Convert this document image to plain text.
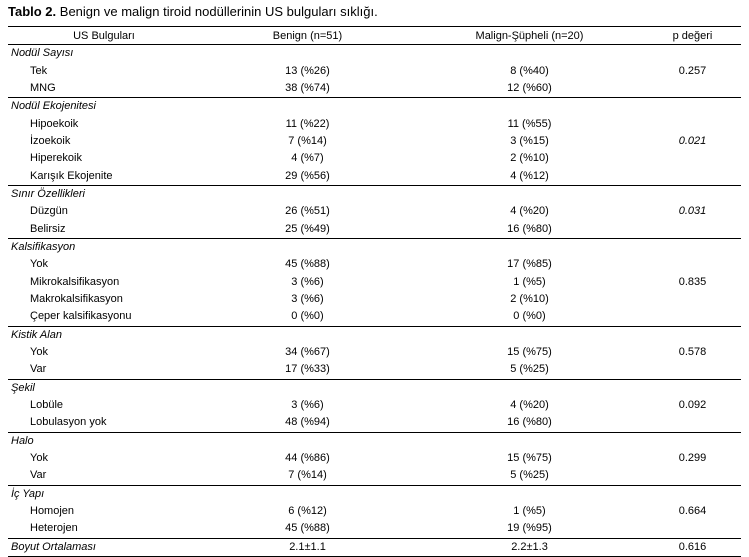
Tablo 2. Benign ve malign tiroid nodüllerinin US bulguları sıklığı.
US Bulguları	Benign (n=51)	Malign-Şüpheli (n=20)	p değeri
Nodül Sayısı			0.257
Tek	13 (%26)	8 (%40)	
MNG	38 (%74)	12 (%60)	
Nodül Ekojenitesi			0.021
Hipoekoik	11 (%22)	11 (%55)	
İzoekoik	7 (%14)	3 (%15)	
Hiperekoik	4 (%7)	2 (%10)	
Karışık Ekojenite	29 (%56)	4 (%12)	
Sınır Özellikleri			0.031
Düzgün	26 (%51)	4 (%20)	
Belirsiz	25 (%49)	16 (%80)	
Kalsifikasyon			0.835
Yok	45 (%88)	17 (%85)	
Mikrokalsifikasyon	3 (%6)	1 (%5)	
Makrokalsifikasyon	3 (%6)	2 (%10)	
Çeper kalsifikasyonu	0 (%0)	0 (%0)	
Kistik Alan			0.578
Yok	34 (%67)	15 (%75)	
Var	17 (%33)	5 (%25)	
Şekil			0.092
Lobüle	3 (%6)	4 (%20)	
Lobulasyon yok	48 (%94)	16 (%80)	
Halo			0.299
Yok	44 (%86)	15 (%75)	
Var	7 (%14)	5 (%25)	
İç Yapı			0.664
Homojen	6 (%12)	1 (%5)	
Heterojen	45 (%88)	19 (%95)	
Boyut Ortalaması	2.1±1.1	2.2±1.3	0.616
